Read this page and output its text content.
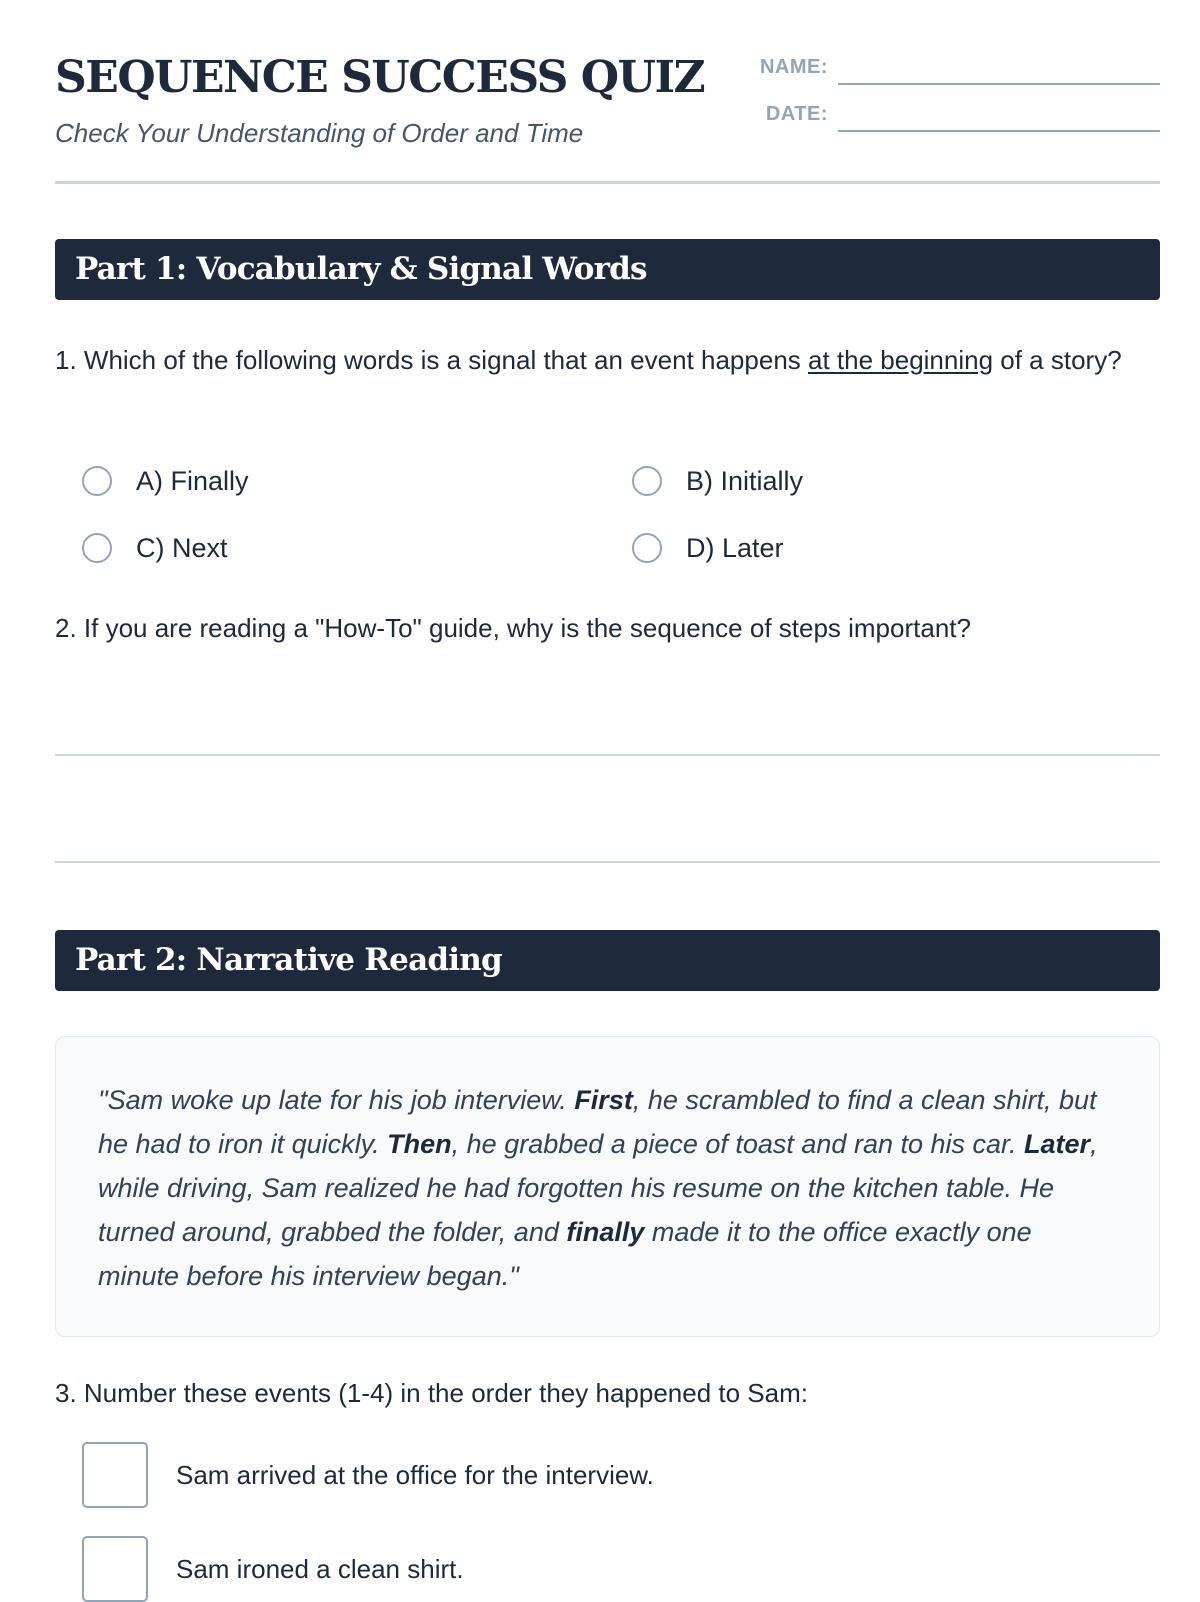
SEQUENCE SUCCESS QUIZ
Check Your Understanding of Order and Time
NAME:
DATE:
Part 1: Vocabulary & Signal Words

1. Which of the following words is a signal that an event happens at the beginning of a story?

A) Finally	B) Initially
C) Next	D) Later

2. If you are reading a "How-To" guide, why is the sequence of steps important?

Part 2: Narrative Reading

"Sam woke up late for his job interview. First, he scrambled to find a clean shirt, but he had to iron it quickly. Then, he grabbed a piece of toast and ran to his car. Later, while driving, Sam realized he had forgotten his resume on the kitchen table. He turned around, grabbed the folder, and finally made it to the office exactly one minute before his interview began."

3. Number these events (1-4) in the order they happened to Sam:

Sam arrived at the office for the interview.
Sam ironed a clean shirt.
